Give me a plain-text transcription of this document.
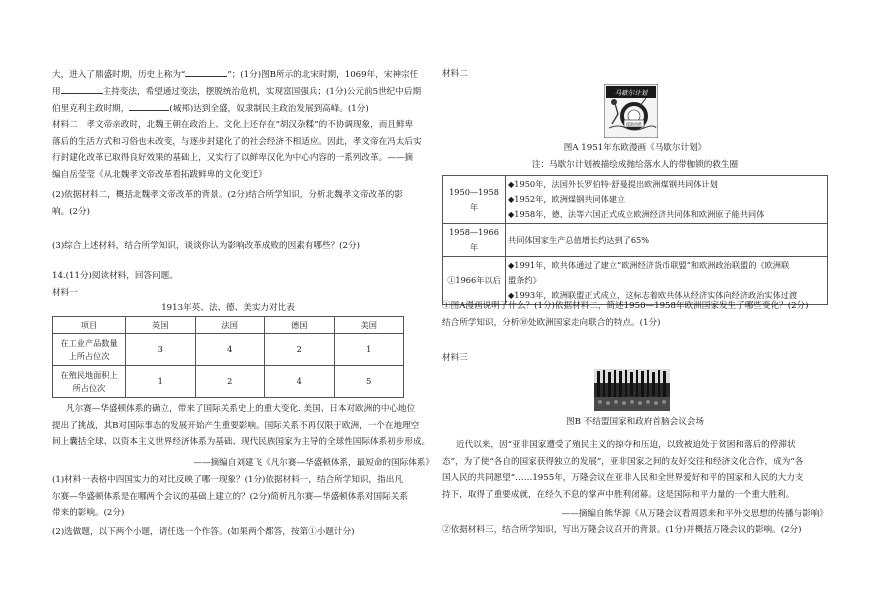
大，进入了鼎盛时期，历史上称为“	”；(1分)图B所示的北宋时期，1069年，宋神宗任

用	主持变法，希望通过变法，摆脱统治危机，实现富国强兵；(1分)公元前5世纪中后期

伯里克利主政时期，	(城邦)达到全盛，奴隶制民主政治发展到高峰。(1分)

材料二　孝文帝亲政时，北魏王朝在政治上、文化上还存在“胡汉杂糅”的不协调现象，而且鲜卑

落后的生活方式和习俗也未改变，与逐步封建化了的社会经济不相适应。因此，孝文帝在冯太后实

行封建化改革已取得良好效果的基础上，又实行了以鲜卑汉化为中心内容的一系列改革。——摘

编自岳莹莹《从北魏孝文帝改革看拓跋鲜卑的文化变迁》

(2)依据材料二，概括北魏孝文帝改革的背景。(2分)结合所学知识，分析北魏孝文帝改革的影

响。(2分)

(3)综合上述材料，结合所学知识，谈谈你认为影响改革成败的因素有哪些？(2分)

14.(11分)阅读材料，回答问题。

材料一

1913年英、法、德、美实力对比表

项目	英国	法国	德国	美国
在工业产品数量
上所占位次	3	4	2	1
在殖民地面积上
所占位次	1	2	4	5

凡尔赛—华盛顿体系的确立，带来了国际关系史上的重大变化. 美国、日本对欧洲的中心地位

提出了挑战，其B对国际事态的发展开始产生重要影响。国际关系不再仅限于欧洲，一个在地理空

间上囊括全球、以资本主义世界经济体系为基础、现代民族国家为主导的全球性国际体系初步形成。

——摘编自刘建飞《凡尔赛—华盛顿体系，最短命的国际体系》

(1)材料一表格中四国实力的对比反映了哪一现象？(1分)依据材料一，结合所学知识，指出凡

尔赛—华盛顿体系是在哪两个会议的基础上建立的？(2分)简析凡尔赛—华盛顿体系对国际关系

带来的影响。(2分)

(2)选做题，以下两个小题，请任选一个作答。(如果两个都答，按第①小题计分)

材料二

马歇尔计划
援助西欧

图A 1951年东欧漫画《马歇尔计划》

注：马歇尔计划被描绘成抛给落水人的带枷锁的救生圈

1950—1958年	◆1950年，法国外长罗伯特·舒曼提出欧洲煤钢共同体计划
◆1952年，欧洲煤钢共同体建立
◆1958年，德、法等六国正式成立欧洲经济共同体和欧洲原子能共同体

1958—1966年	共同体国家生产总值增长约达到了65%

①1966年以后	◆1991年，欧共体通过了建立“欧洲经济货币联盟”和欧洲政治联盟的《欧洲联
盟条约》
◆1993年，欧洲联盟正式成立，这标志着欧共体从经济实体向经济政治实体过渡

①图A漫画说明了什么？(1分)依据材料二，简述1950—1958年欧洲国家发生了哪些变化？(2分)

结合所学知识，分析⑩处欧洲国家走向联合的特点。(1分)

材料三

图B 不结盟国家和政府首脑会议会场

近代以来，因“亚非国家遭受了殖民主义的掠夺和压迫，以致被迫处于贫困和落后的停滞状

态”，为了使“各自的国家获得独立的发展”，亚非国家之间的友好交往和经济文化合作，成为“各

国人民的共同愿望”……1955年，万隆会议在亚非人民和全世界爱好和平的国家和人民的大力支

持下，取得了重要成就，在经久不息的掌声中胜利闭幕。这是国际和平力量的一个重大胜利。

——摘编自熊华源《从万隆会议看周恩来和平外交思想的传播与影响》

②依据材料三，结合所学知识，写出万隆会议召开的背景。(1分)并概括万隆会议的影响。(2分)
